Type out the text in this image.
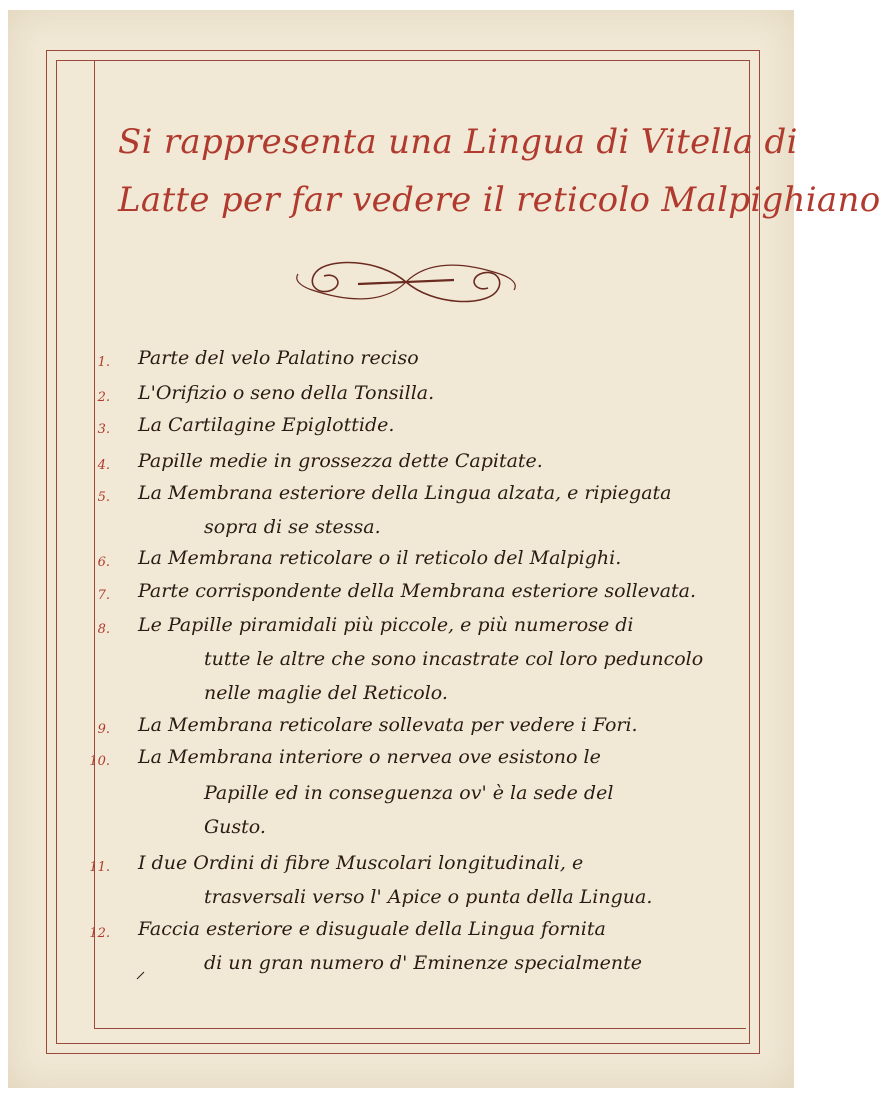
Si rappresenta una Lingua di Vitella di
Latte per far vedere il reticolo Malpighiano
1. Parte del velo Palatino reciso
2. L'Orifizio o seno della Tonsilla.
3. La Cartilagine Epiglottide.
4. Papille medie in grossezza dette Capitate.
5. La Membrana esteriore della Lingua alzata, e ripiegata
sopra di se stessa.
6. La Membrana reticolare o il reticolo del Malpighi.
7. Parte corrispondente della Membrana esteriore sollevata.
8. Le Papille piramidali più piccole, e più numerose di
tutte le altre che sono incastrate col loro peduncolo
nelle maglie del Reticolo.
9. La Membrana reticolare sollevata per vedere i Fori.
10. La Membrana interiore o nervea ove esistono le
Papille ed in conseguenza ov' è la sede del
Gusto.
11. I due Ordini di fibre Muscolari longitudinali, e
trasversali verso l' Apice o punta della Lingua.
12. Faccia esteriore e disuguale della Lingua fornita
di un gran numero d' Eminenze specialmente
